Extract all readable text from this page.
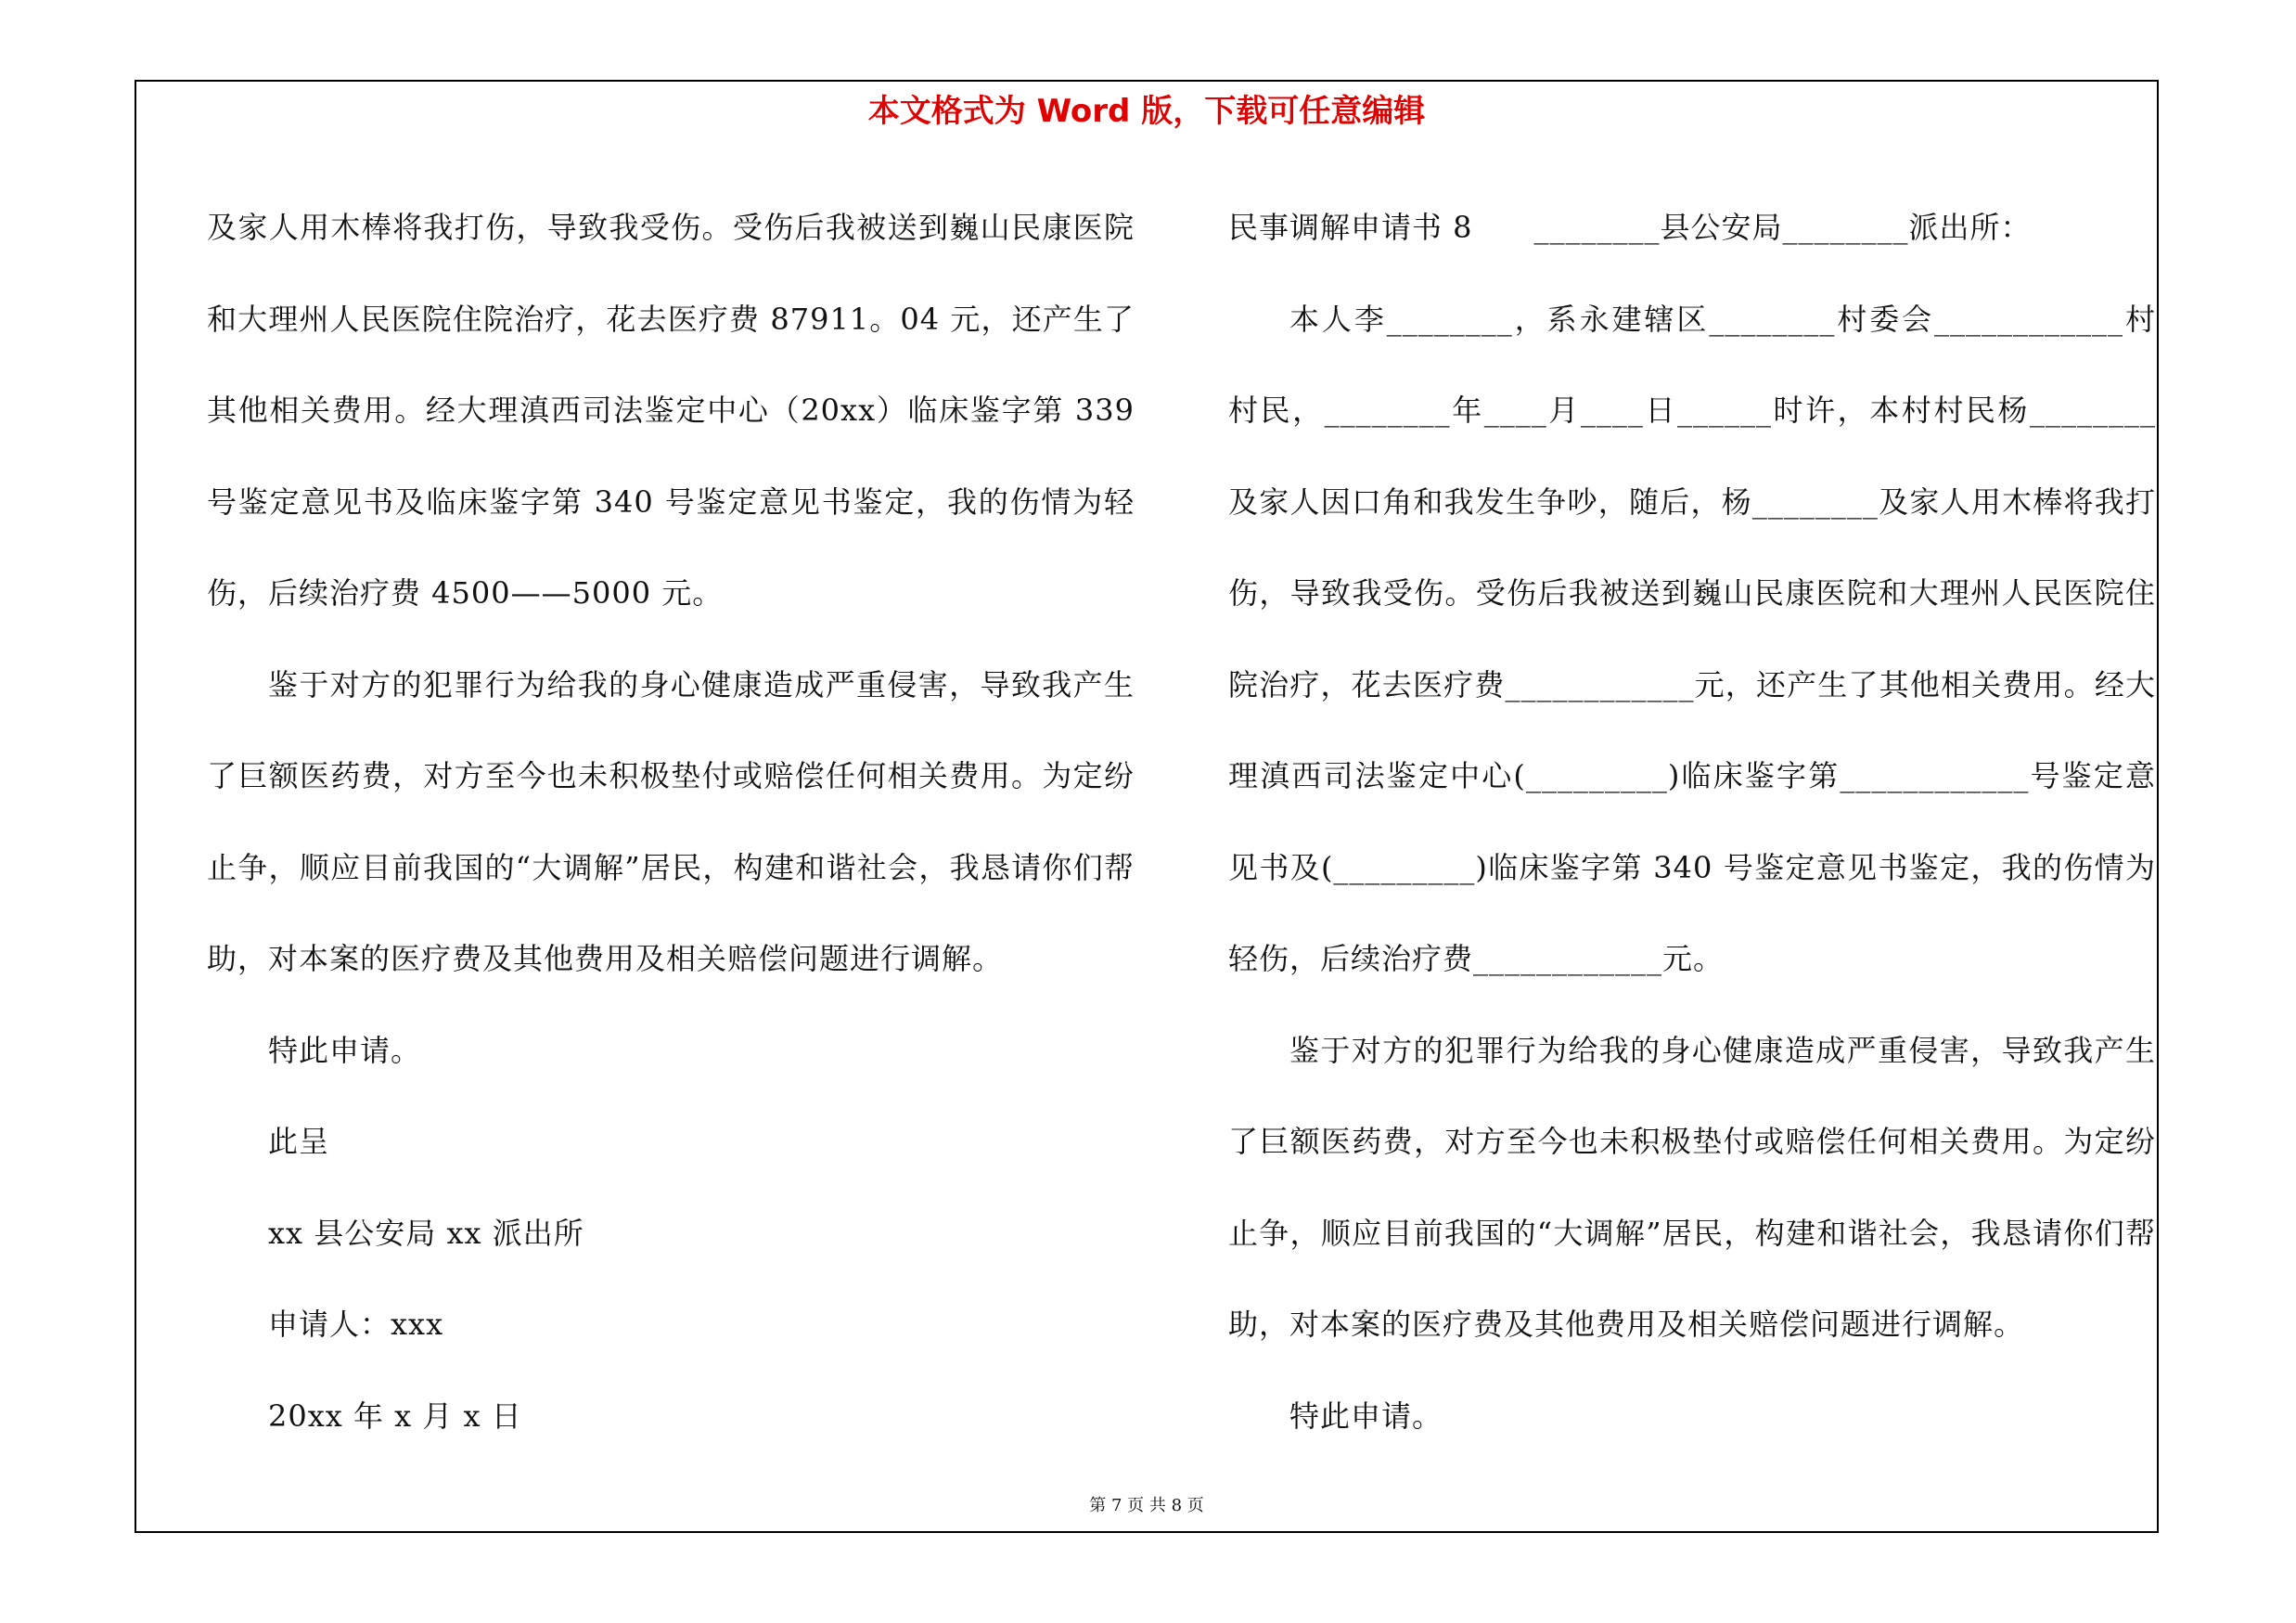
本文格式为 Word 版，下载可任意编辑

及家人用木棒将我打伤，导致我受伤。受伤后我被送到巍山民康医院和大理州人民医院住院治疗，花去医疗费 87911。04 元，还产生了其他相关费用。经大理滇西司法鉴定中心（20xx）临床鉴字第 339 号鉴定意见书及临床鉴字第 340 号鉴定意见书鉴定，我的伤情为轻伤，后续治疗费 4500——5000 元。

鉴于对方的犯罪行为给我的身心健康造成严重侵害，导致我产生了巨额医药费，对方至今也未积极垫付或赔偿任何相关费用。为定纷止争，顺应目前我国的“大调解”居民，构建和谐社会，我恳请你们帮助，对本案的医疗费及其他费用及相关赔偿问题进行调解。

特此申请。

此呈

xx 县公安局 xx 派出所

申请人：xxx

20xx 年 x 月 x 日

民事调解申请书 8　　________县公安局________派出所：

本人李________，系永建辖区________村委会____________村村民，________年____月____日______时许，本村村民杨________及家人因口角和我发生争吵，随后，杨________及家人用木棒将我打伤，导致我受伤。受伤后我被送到巍山民康医院和大理州人民医院住院治疗，花去医疗费____________元，还产生了其他相关费用。经大理滇西司法鉴定中心(_________)临床鉴字第____________号鉴定意见书及(_________)临床鉴字第 340 号鉴定意见书鉴定，我的伤情为轻伤，后续治疗费____________元。

鉴于对方的犯罪行为给我的身心健康造成严重侵害，导致我产生了巨额医药费，对方至今也未积极垫付或赔偿任何相关费用。为定纷止争，顺应目前我国的“大调解”居民，构建和谐社会，我恳请你们帮助，对本案的医疗费及其他费用及相关赔偿问题进行调解。

特此申请。

第 7 页 共 8 页
